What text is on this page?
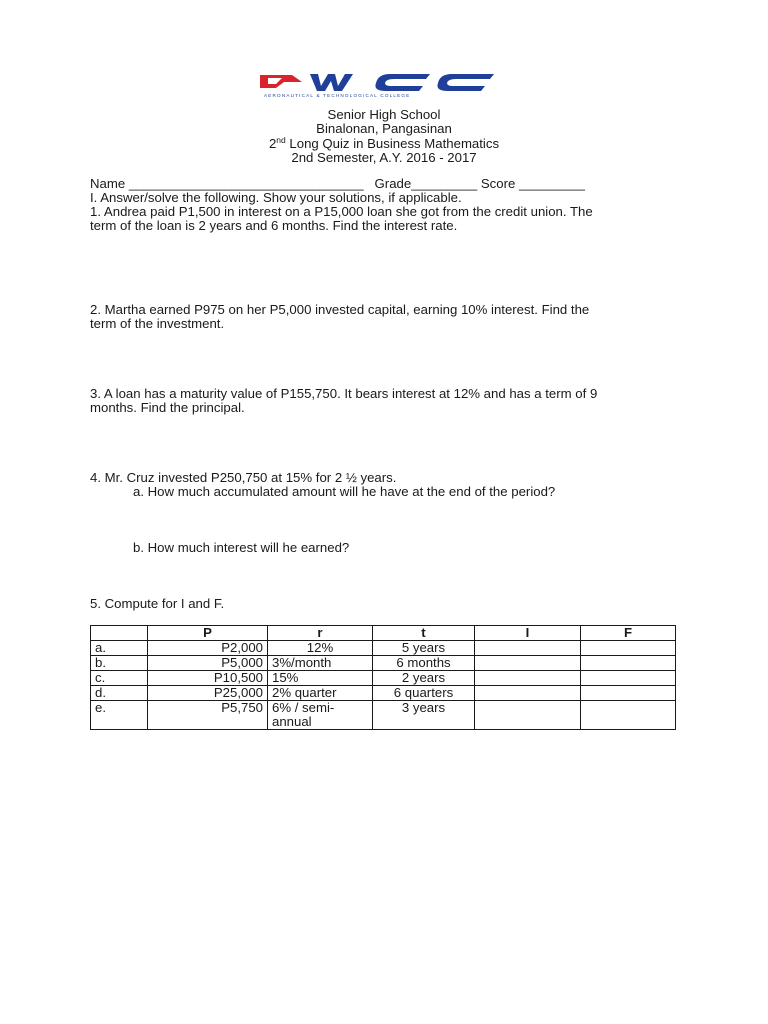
AERONAUTICAL & TECHNOLOGICAL COLLEGE
Senior High School
Binalonan, Pangasinan
2nd Long Quiz in Business Mathematics
2nd Semester, A.Y. 2016 - 2017
Name ________________________________ Grade_________ Score _________
I. Answer/solve the following. Show your solutions, if applicable.
1. Andrea paid P1,500 in interest on a P15,000 loan she got from the credit union. The
term of the loan is 2 years and 6 months. Find the interest rate.
2. Martha earned P975 on her P5,000 invested capital, earning 10% interest. Find the
term of the investment.
3. A loan has a maturity value of P155,750. It bears interest at 12% and has a term of 9
months. Find the principal.
4. Mr. Cruz invested P250,750 at 15% for 2 ½ years.
a. How much accumulated amount will he have at the end of the period?
b. How much interest will he earned?
5. Compute for I and F.
	P	r	t	I	F
a.	P2,000	12%	5 years		
b.	P5,000	3%/month	6 months		
c.	P10,500	15%	2 years		
d.	P25,000	2% quarter	6 quarters		
e.	P5,750	6% / semi-annual	3 years		
